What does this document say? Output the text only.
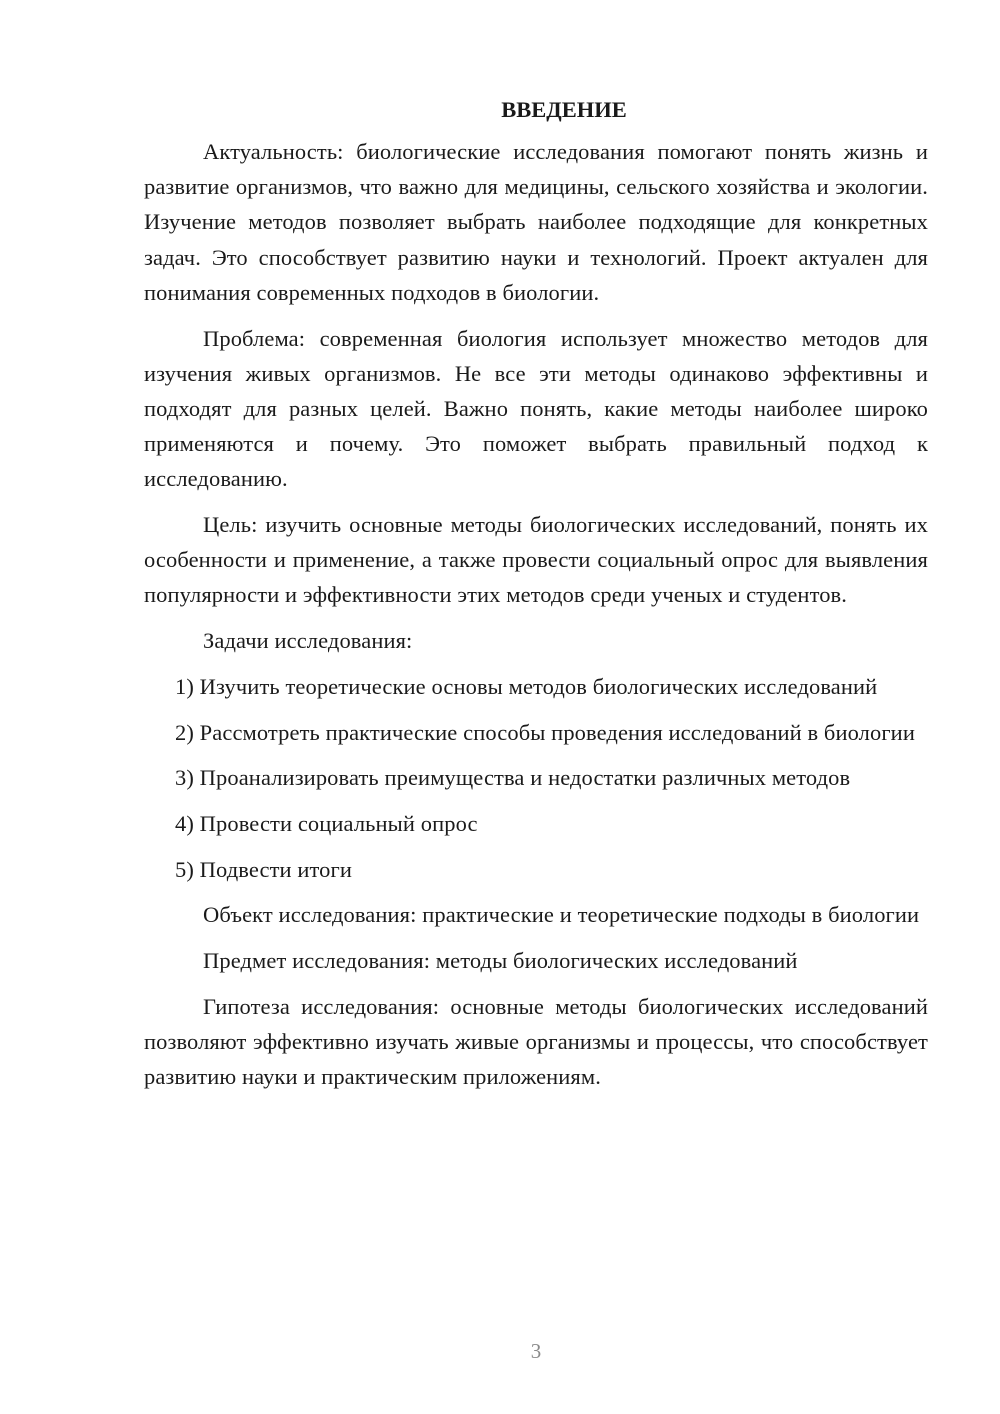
ВВЕДЕНИЕ

Актуальность: биологические исследования помогают понять жизнь и развитие организмов, что важно для медицины, сельского хозяйства и экологии. Изучение методов позволяет выбрать наиболее подходящие для конкретных задач. Это способствует развитию науки и технологий. Проект актуален для понимания современных подходов в биологии.

Проблема: современная биология использует множество методов для изучения живых организмов. Не все эти методы одинаково эффективны и подходят для разных целей. Важно понять, какие методы наиболее широко применяются и почему. Это поможет выбрать правильный подход к исследованию.

Цель: изучить основные методы биологических исследований, понять их особенности и применение, а также провести социальный опрос для выявления популярности и эффективности этих методов среди ученых и студентов.

Задачи исследования:

1) Изучить теоретические основы методов биологических исследований

2) Рассмотреть практические способы проведения исследований в биологии

3) Проанализировать преимущества и недостатки различных методов

4) Провести социальный опрос

5) Подвести итоги

Объект исследования: практические и теоретические подходы в биологии

Предмет исследования: методы биологических исследований

Гипотеза исследования: основные методы биологических исследований позволяют эффективно изучать живые организмы и процессы, что способствует развитию науки и практическим приложениям.

3
